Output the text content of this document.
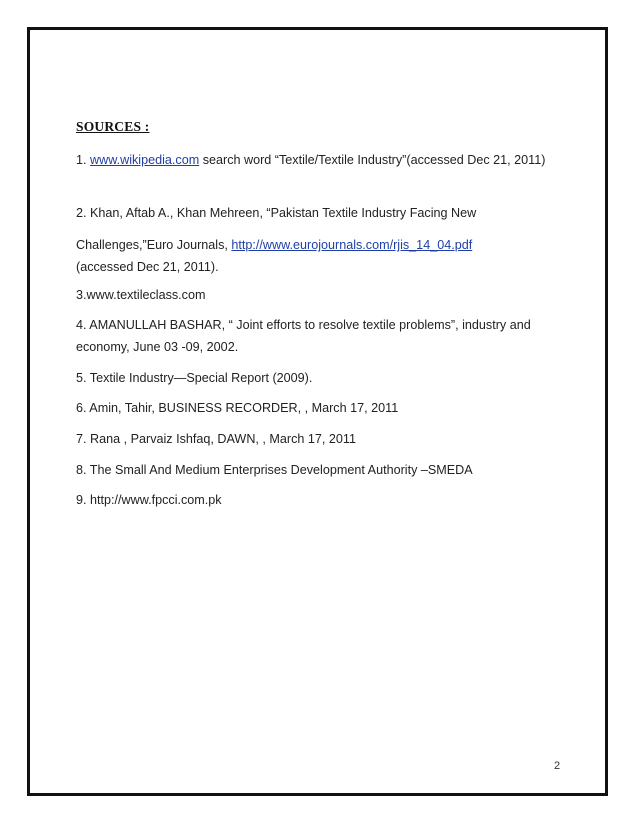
SOURCES :
1. www.wikipedia.com search word “Textile/Textile Industry”(accessed Dec 21, 2011)
2. Khan, Aftab A., Khan Mehreen, “Pakistan Textile Industry Facing New
Challenges,”Euro Journals, http://www.eurojournals.com/rjis_14_04.pdf
(accessed Dec 21, 2011).
3.www.textileclass.com
4. AMANULLAH BASHAR, “ Joint efforts to resolve textile problems”, industry and economy, June 03 -09, 2002.
5. Textile Industry—Special Report (2009).
6. Amin, Tahir, BUSINESS RECORDER, , March 17, 2011
7. Rana , Parvaiz Ishfaq, DAWN, , March 17, 2011
8. The Small And Medium Enterprises Development Authority –SMEDA
9. http://www.fpcci.com.pk
2
